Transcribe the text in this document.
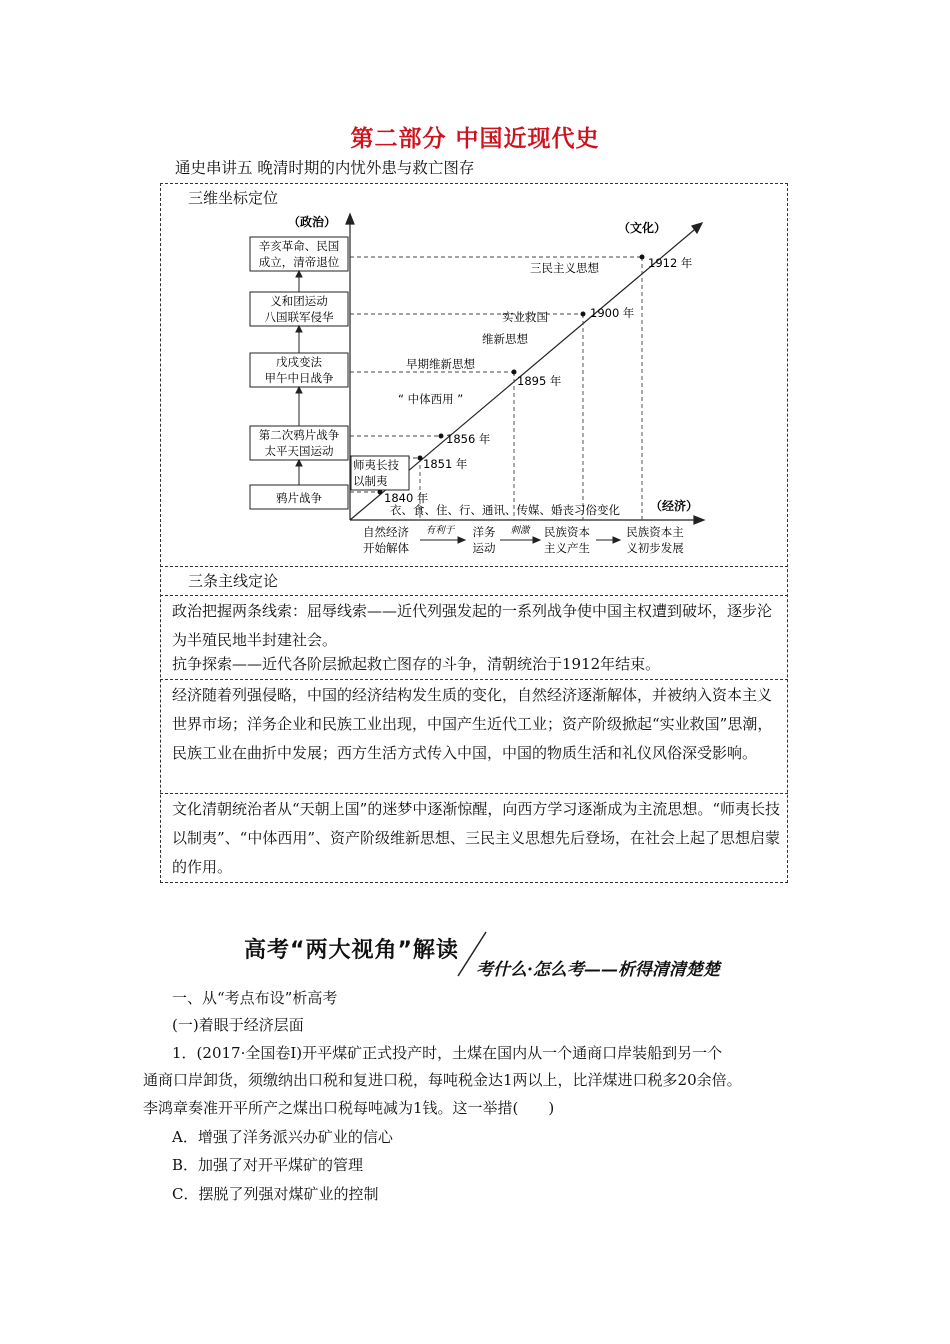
第二部分 中国近现代史
通史串讲五 晚清时期的内忧外患与救亡图存
三维坐标定位
（政治）
（经济）
（文化）
辛亥革命、民国
成立，清帝退位
义和团运动
八国联军侵华
戊戌变法
甲午中日战争
第二次鸦片战争
太平天国运动
鸦片战争	1840 年
1851 年
1856 年
1895 年
1900 年
1912 年
师夷长技
以制夷
“ 中体西用 ”
早期维新思想
维新思想
实业救国
三民主义思想
衣、食、住、行、通讯、传媒、婚丧习俗变化
自然经济
开始解体
洋务
运动
民族资本
主义产生
民族资本主
义初步发展
有利于	刺激
三条主线定论

政治把握两条线索：屈辱线索——近代列强发起的一系列战争使中国主权遭到破坏，逐步沦为半殖民地半封建社会。

抗争探索——近代各阶层掀起救亡图存的斗争，清朝统治于1912年结束。

经济随着列强侵略，中国的经济结构发生质的变化，自然经济逐渐解体，并被纳入资本主义世界市场；洋务企业和民族工业出现，中国产生近代工业；资产阶级掀起“实业救国”思潮，民族工业在曲折中发展；西方生活方式传入中国，中国的物质生活和礼仪风俗深受影响。

文化清朝统治者从“天朝上国”的迷梦中逐渐惊醒，向西方学习逐渐成为主流思想。“师夷长技以制夷”、“中体西用”、资产阶级维新思想、三民主义思想先后登场，在社会上起了思想启蒙的作用。

高考“两大视角”解读
考什么·怎么考——析得清清楚楚
一、从“考点布设”析高考
(一)着眼于经济层面
1．(2017·全国卷Ⅰ)开平煤矿正式投产时，土煤在国内从一个通商口岸装船到另一个
通商口岸卸货，须缴纳出口税和复进口税，每吨税金达1两以上，比洋煤进口税多20余倍。
李鸿章奏准开平所产之煤出口税每吨减为1钱。这一举措(　　)
A．增强了洋务派兴办矿业的信心
B．加强了对开平煤矿的管理
C．摆脱了列强对煤矿业的控制
